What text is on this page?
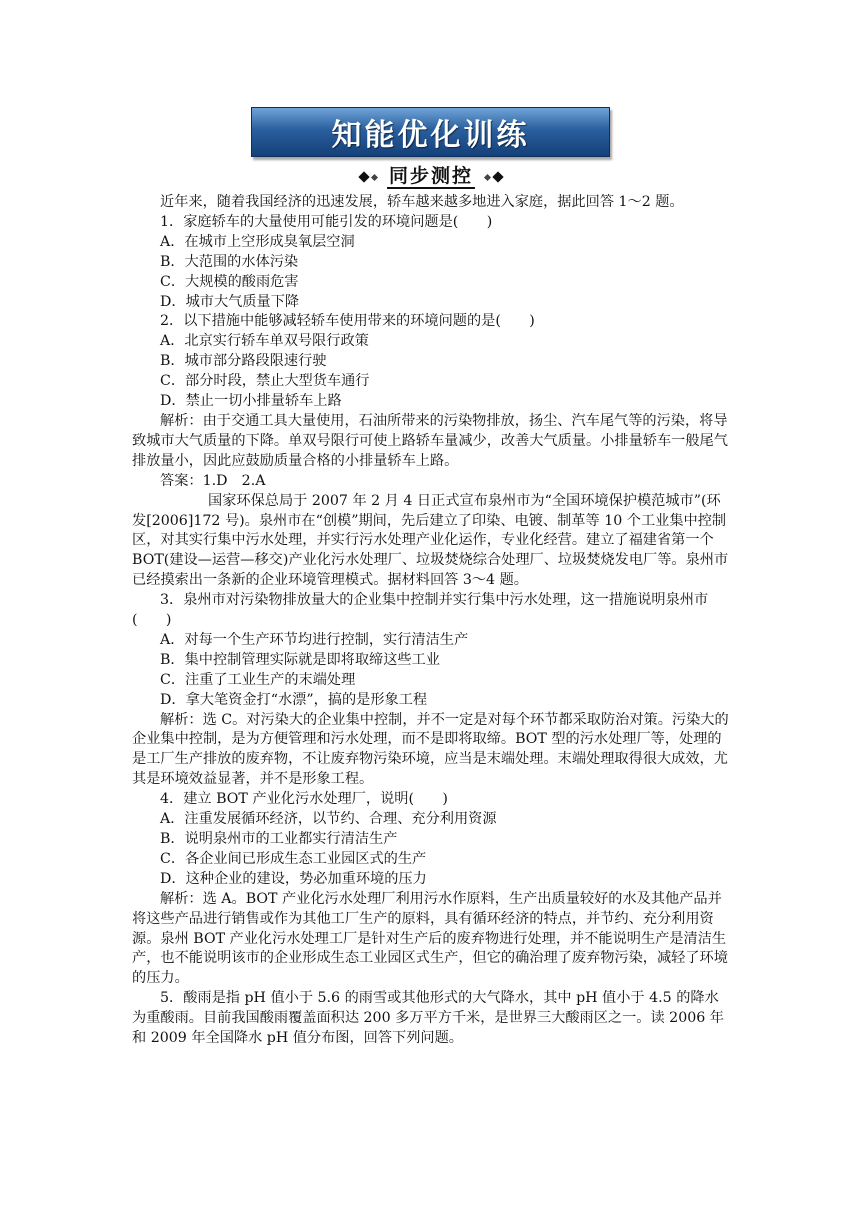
知能优化训练
同步测控

近年来，随着我国经济的迅速发展，轿车越来越多地进入家庭，据此回答 1～2 题。

1．家庭轿车的大量使用可能引发的环境问题是(　　)

A．在城市上空形成臭氧层空洞

B．大范围的水体污染

C．大规模的酸雨危害

D．城市大气质量下降

2．以下措施中能够减轻轿车使用带来的环境问题的是(　　)

A．北京实行轿车单双号限行政策

B．城市部分路段限速行驶

C．部分时段，禁止大型货车通行

D．禁止一切小排量轿车上路

解析：由于交通工具大量使用，石油所带来的污染物排放，扬尘、汽车尾气等的污染，将导致城市大气质量的下降。单双号限行可使上路轿车量减少，改善大气质量。小排量轿车一般尾气排放量小，因此应鼓励质量合格的小排量轿车上路。

答案：1.D　2.A

国家环保总局于 2007 年 2 月 4 日正式宣布泉州市为“全国环境保护模范城市”(环发[2006]172 号)。泉州市在“创模”期间，先后建立了印染、电镀、制革等 10 个工业集中控制区，对其实行集中污水处理，并实行污水处理产业化运作，专业化经营。建立了福建省第一个 BOT(建设—运营—移交)产业化污水处理厂、垃圾焚烧综合处理厂、垃圾焚烧发电厂等。泉州市已经摸索出一条新的企业环境管理模式。据材料回答 3～4 题。

3．泉州市对污染物排放量大的企业集中控制并实行集中污水处理，这一措施说明泉州市(　　)

A．对每一个生产环节均进行控制，实行清洁生产

B．集中控制管理实际就是即将取缔这些工业

C．注重了工业生产的末端处理

D．拿大笔资金打“水漂”，搞的是形象工程

解析：选 C。对污染大的企业集中控制，并不一定是对每个环节都采取防治对策。污染大的企业集中控制，是为方便管理和污水处理，而不是即将取缔。BOT 型的污水处理厂等，处理的是工厂生产排放的废弃物，不让废弃物污染环境，应当是末端处理。末端处理取得很大成效，尤其是环境效益显著，并不是形象工程。

4．建立 BOT 产业化污水处理厂，说明(　　)

A．注重发展循环经济，以节约、合理、充分利用资源

B．说明泉州市的工业都实行清洁生产

C．各企业间已形成生态工业园区式的生产

D．这种企业的建设，势必加重环境的压力

解析：选 A。BOT 产业化污水处理厂利用污水作原料，生产出质量较好的水及其他产品并将这些产品进行销售或作为其他工厂生产的原料，具有循环经济的特点，并节约、充分利用资源。泉州 BOT 产业化污水处理工厂是针对生产后的废弃物进行处理，并不能说明生产是清洁生产，也不能说明该市的企业形成生态工业园区式生产，但它的确治理了废弃物污染，减轻了环境的压力。

5．酸雨是指 pH 值小于 5.6 的雨雪或其他形式的大气降水，其中 pH 值小于 4.5 的降水为重酸雨。目前我国酸雨覆盖面积达 200 多万平方千米，是世界三大酸雨区之一。读 2006 年和 2009 年全国降水 pH 值分布图，回答下列问题。
